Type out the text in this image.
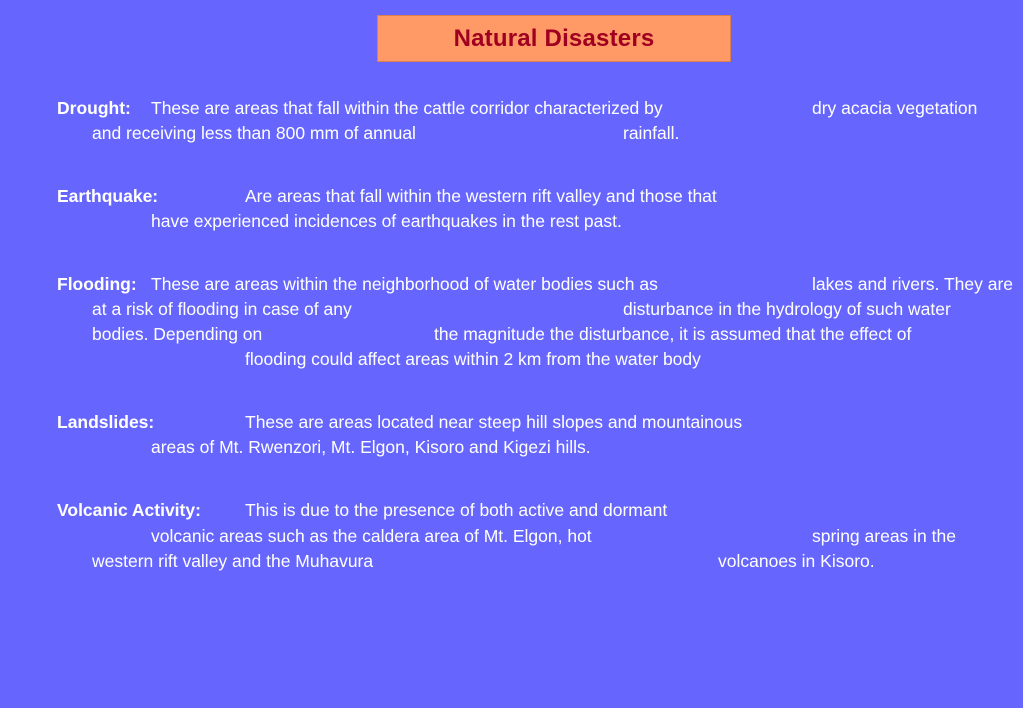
Natural Disasters
Drought: These are areas that fall within the cattle corridor characterized by	dry acacia vegetation
and receiving less than 800 mm of annual	rainfall.
Earthquake:	Are areas that fall within the western rift valley and those that
have experienced incidences of earthquakes in the rest past.
Flooding: These are areas within the neighborhood of water bodies such as	lakes and rivers. They are
at a risk of flooding in case of any	disturbance in the hydrology of such water
bodies. Depending on	the magnitude the disturbance, it is assumed that the effect of
flooding could affect areas within 2 km from the water body
Landslides:	These are areas located near steep hill slopes and mountainous
areas of Mt. Rwenzori, Mt. Elgon, Kisoro and Kigezi hills.
Volcanic Activity:	This is due to the presence of both active and dormant
volcanic areas such as the caldera area of Mt. Elgon, hot	spring areas in the
western rift valley and the Muhavura	volcanoes in Kisoro.
